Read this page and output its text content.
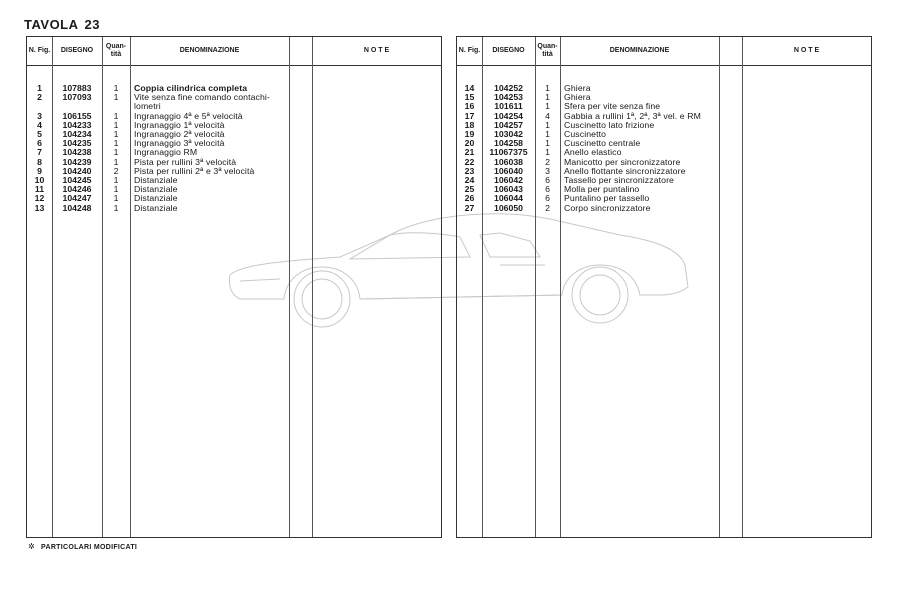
TAVOLA 23
N. Fig. DISEGNO
Quan- tità
DENOMINAZIONE	N O T E
1	107883	1	Coppia cilindrica completa
2	107093	1	Vite senza fine comando contachi-
lometri
3	106155	1	Ingranaggio 4ª e 5ª velocità
4	104233	1	Ingranaggio 1ª velocità
5	104234	1	Ingranaggio 2ª velocità
6	104235	1	Ingranaggio 3ª velocità
7	104238	1	Ingranaggio RM
8	104239	1	Pista per rullini 3ª velocità
9	104240	2	Pista per rullini 2ª e 3ª velocità
10	104245	1	Distanziale
11	104246	1	Distanziale
12	104247	1	Distanziale
13	104248	1	Distanziale
N. Fig. DISEGNO
Quan- tità
DENOMINAZIONE	N O T E
14	104252	1	Ghiera
15	104253	1	Ghiera
16	101611	1	Sfera per vite senza fine
17	104254	4	Gabbia a rullini 1ª, 2ª, 3ª vel. e RM
18	104257	1	Cuscinetto lato frizione
19	103042	1	Cuscinetto
20	104258	1	Cuscinetto centrale
21	11067375	1	Anello elastico
22	106038	2	Manicotto per sincronizzatore
23	106040	3	Anello flottante sincronizzatore
24	106042	6	Tassello per sincronizzatore
25	106043	6	Molla per puntalino
26	106044	6	Puntalino per tassello
27	106050	2	Corpo sincronizzatore
✲ PARTICOLARI MODIFICATI
